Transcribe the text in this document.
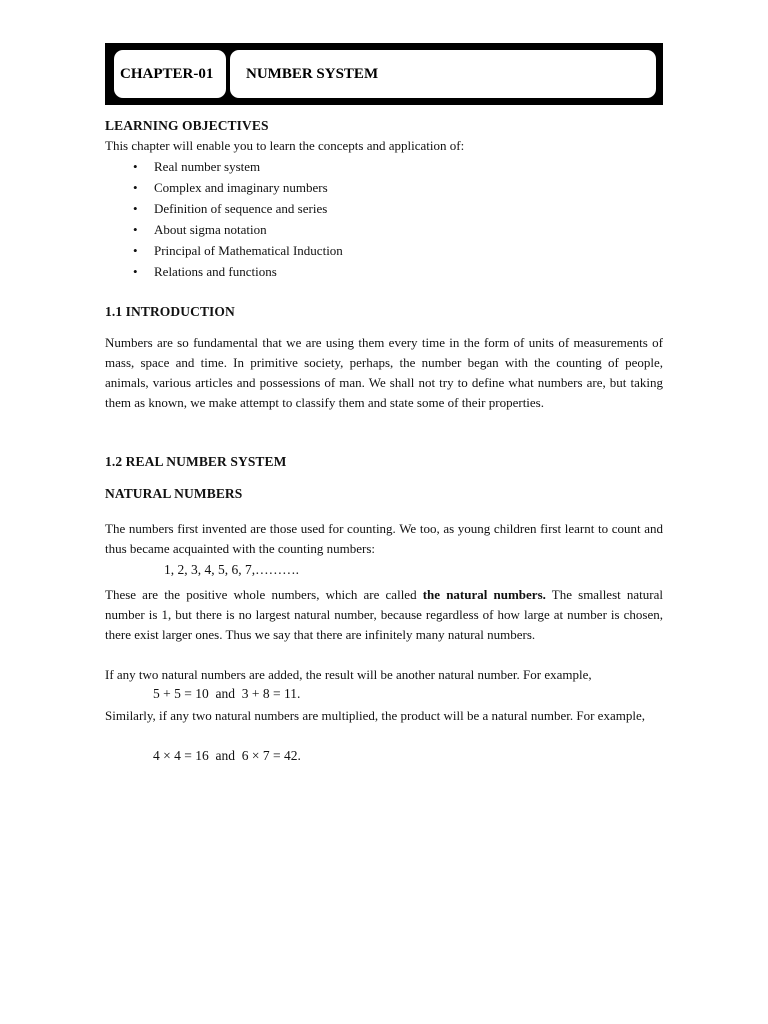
CHAPTER-01	NUMBER SYSTEM
LEARNING OBJECTIVES
This chapter will enable you to learn the concepts and application of:
• Real number system
• Complex and imaginary numbers
• Definition of sequence and series
• About sigma notation
• Principal of Mathematical Induction
• Relations and functions
1.1 INTRODUCTION
Numbers are so fundamental that we are using them every time in the form of units of measurements of mass, space and time. In primitive society, perhaps, the number began with the counting of people, animals, various articles and possessions of man. We shall not try to define what numbers are, but taking them as known, we make attempt to classify them and state some of their properties.
1.2 REAL NUMBER SYSTEM
NATURAL NUMBERS
The numbers first invented are those used for counting. We too, as young children first learnt to count and thus became acquainted with the counting numbers:
1, 2, 3, 4, 5, 6, 7,……….
These are the positive whole numbers, which are called the natural numbers. The smallest natural number is 1, but there is no largest natural number, because regardless of how large at number is chosen, there exist larger ones. Thus we say that there are infinitely many natural numbers.
If any two natural numbers are added, the result will be another natural number. For example,
5 + 5 = 10  and  3 + 8 = 11.
Similarly, if any two natural numbers are multiplied, the product will be a natural number. For example,
4 × 4 = 16  and  6 × 7 = 42.
